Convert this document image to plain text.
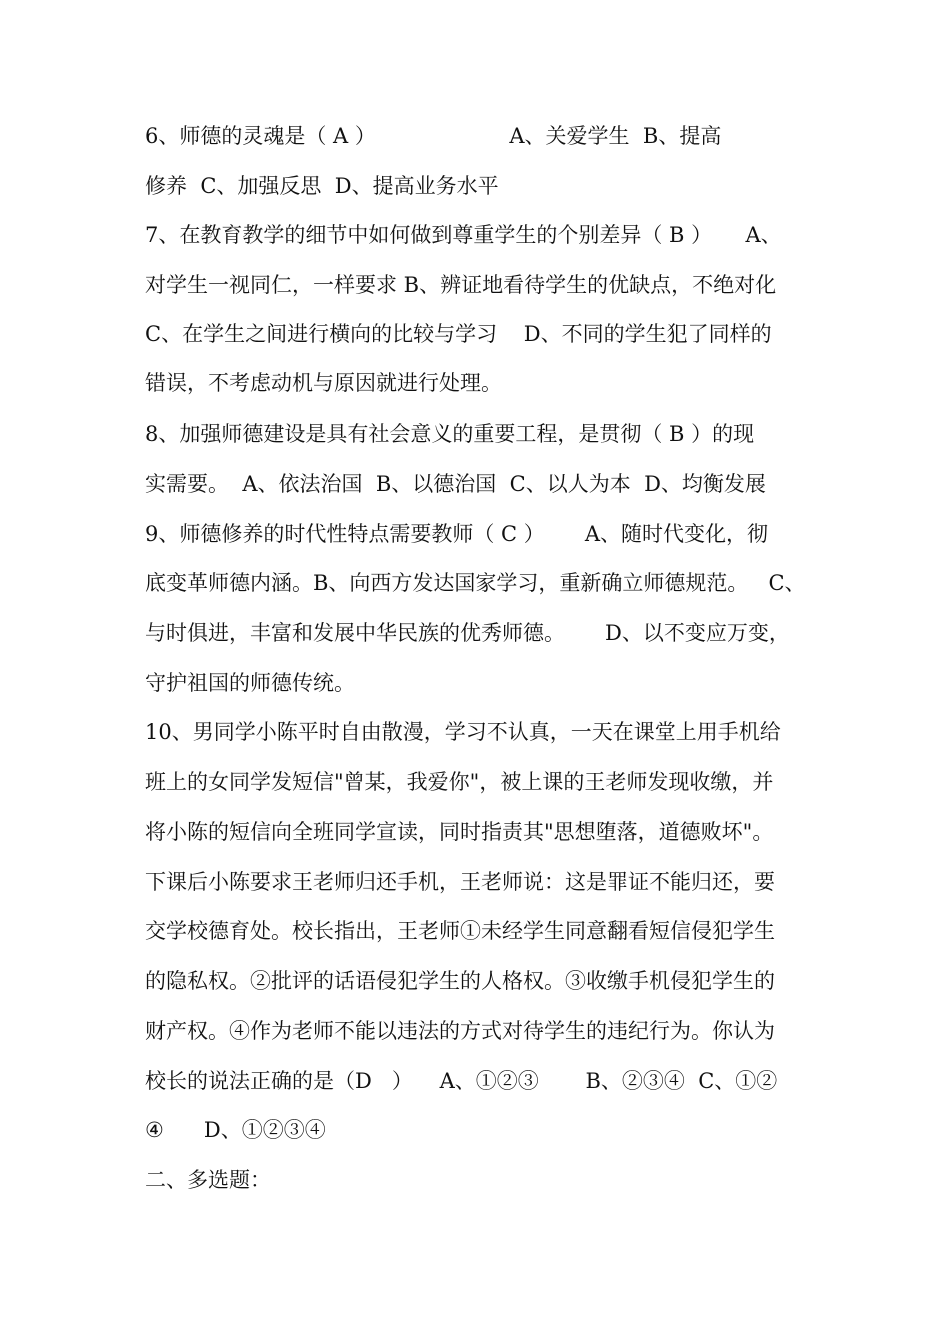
6、师德的灵魂是（ A ）                    A、关爱学生  B、提高
修养  C、加强反思  D、提高业务水平
7、在教育教学的细节中如何做到尊重学生的个别差异（ B ）     A、
对学生一视同仁，一样要求 B、辨证地看待学生的优缺点，不绝对化
C、在学生之间进行横向的比较与学习    D、不同的学生犯了同样的
错误，不考虑动机与原因就进行处理。
8、加强师德建设是具有社会意义的重要工程，是贯彻（ B ）的现
实需要。  A、依法治国  B、以德治国  C、以人为本  D、均衡发展
9、师德修养的时代性特点需要教师（ C ）      A、随时代变化，彻
底变革师德内涵。B、向西方发达国家学习，重新确立师德规范。   C、
与时俱进，丰富和发展中华民族的优秀师德。      D、以不变应万变，
守护祖国的师德传统。
10、男同学小陈平时自由散漫，学习不认真，一天在课堂上用手机给
班上的女同学发短信"曾某，我爱你"，被上课的王老师发现收缴，并
将小陈的短信向全班同学宣读，同时指责其"思想堕落，道德败坏"。
下课后小陈要求王老师归还手机，王老师说：这是罪证不能归还，要
交学校德育处。校长指出，王老师①未经学生同意翻看短信侵犯学生
的隐私权。②批评的话语侵犯学生的人格权。③收缴手机侵犯学生的
财产权。④作为老师不能以违法的方式对待学生的违纪行为。你认为
校长的说法正确的是（D   ）    A、①②③       B、②③④  C、①②
④      D、①②③④
二、多选题：
